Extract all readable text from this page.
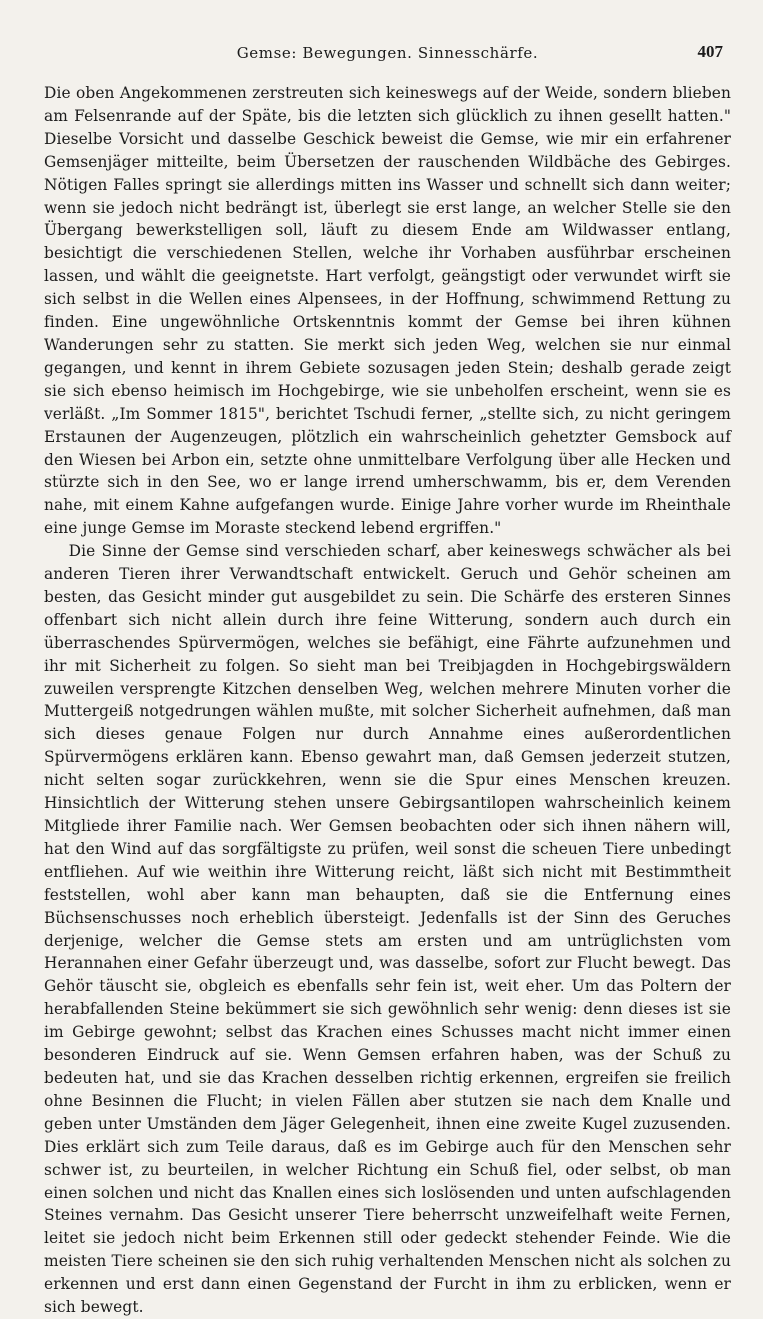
Gemse: Bewegungen. Sinnesschärfe.	407

Die oben Angekommenen zerstreuten sich keineswegs auf der Weide, sondern blieben am Felsenrande auf der Späte, bis die letzten sich glücklich zu ihnen gesellt hatten." Dieselbe Vorsicht und dasselbe Geschick beweist die Gemse, wie mir ein erfahrener Gemsenjäger mitteilte, beim Übersetzen der rauschenden Wildbäche des Gebirges. Nötigen Falles springt sie allerdings mitten ins Wasser und schnellt sich dann weiter; wenn sie jedoch nicht bedrängt ist, überlegt sie erst lange, an welcher Stelle sie den Übergang bewerkstelligen soll, läuft zu diesem Ende am Wildwasser entlang, besichtigt die verschiedenen Stellen, welche ihr Vorhaben ausführbar erscheinen lassen, und wählt die geeignetste. Hart verfolgt, geängstigt oder verwundet wirft sie sich selbst in die Wellen eines Alpensees, in der Hoffnung, schwimmend Rettung zu finden. Eine ungewöhnliche Ortskenntnis kommt der Gemse bei ihren kühnen Wanderungen sehr zu statten. Sie merkt sich jeden Weg, welchen sie nur einmal gegangen, und kennt in ihrem Gebiete sozusagen jeden Stein; deshalb gerade zeigt sie sich ebenso heimisch im Hochgebirge, wie sie unbeholfen erscheint, wenn sie es verläßt. „Im Sommer 1815", berichtet Tschudi ferner, „stellte sich, zu nicht geringem Erstaunen der Augenzeugen, plötzlich ein wahrscheinlich gehetzter Gemsbock auf den Wiesen bei Arbon ein, setzte ohne unmittelbare Verfolgung über alle Hecken und stürzte sich in den See, wo er lange irrend umherschwamm, bis er, dem Verenden nahe, mit einem Kahne aufgefangen wurde. Einige Jahre vorher wurde im Rheinthale eine junge Gemse im Moraste steckend lebend ergriffen."

Die Sinne der Gemse sind verschieden scharf, aber keineswegs schwächer als bei anderen Tieren ihrer Verwandtschaft entwickelt. Geruch und Gehör scheinen am besten, das Gesicht minder gut ausgebildet zu sein. Die Schärfe des ersteren Sinnes offenbart sich nicht allein durch ihre feine Witterung, sondern auch durch ein überraschendes Spürvermögen, welches sie befähigt, eine Fährte aufzunehmen und ihr mit Sicherheit zu folgen. So sieht man bei Treibjagden in Hochgebirgswäldern zuweilen versprengte Kitzchen denselben Weg, welchen mehrere Minuten vorher die Muttergeiß notgedrungen wählen mußte, mit solcher Sicherheit aufnehmen, daß man sich dieses genaue Folgen nur durch Annahme eines außerordentlichen Spürvermögens erklären kann. Ebenso gewahrt man, daß Gemsen jederzeit stutzen, nicht selten sogar zurückkehren, wenn sie die Spur eines Menschen kreuzen. Hinsichtlich der Witterung stehen unsere Gebirgsantilopen wahrscheinlich keinem Mitgliede ihrer Familie nach. Wer Gemsen beobachten oder sich ihnen nähern will, hat den Wind auf das sorgfältigste zu prüfen, weil sonst die scheuen Tiere unbedingt entfliehen. Auf wie weithin ihre Witterung reicht, läßt sich nicht mit Bestimmtheit feststellen, wohl aber kann man behaupten, daß sie die Entfernung eines Büchsenschusses noch erheblich übersteigt. Jedenfalls ist der Sinn des Geruches derjenige, welcher die Gemse stets am ersten und am untrüglichsten vom Herannahen einer Gefahr überzeugt und, was dasselbe, sofort zur Flucht bewegt. Das Gehör täuscht sie, obgleich es ebenfalls sehr fein ist, weit eher. Um das Poltern der herabfallenden Steine bekümmert sie sich gewöhnlich sehr wenig: denn dieses ist sie im Gebirge gewohnt; selbst das Krachen eines Schusses macht nicht immer einen besonderen Eindruck auf sie. Wenn Gemsen erfahren haben, was der Schuß zu bedeuten hat, und sie das Krachen desselben richtig erkennen, ergreifen sie freilich ohne Besinnen die Flucht; in vielen Fällen aber stutzen sie nach dem Knalle und geben unter Umständen dem Jäger Gelegenheit, ihnen eine zweite Kugel zuzusenden. Dies erklärt sich zum Teile daraus, daß es im Gebirge auch für den Menschen sehr schwer ist, zu beurteilen, in welcher Richtung ein Schuß fiel, oder selbst, ob man einen solchen und nicht das Knallen eines sich loslösenden und unten aufschlagenden Steines vernahm. Das Gesicht unserer Tiere beherrscht unzweifelhaft weite Fernen, leitet sie jedoch nicht beim Erkennen still oder gedeckt stehender Feinde. Wie die meisten Tiere scheinen sie den sich ruhig verhaltenden Menschen nicht als solchen zu erkennen und erst dann einen Gegenstand der Furcht in ihm zu erblicken, wenn er sich bewegt.
